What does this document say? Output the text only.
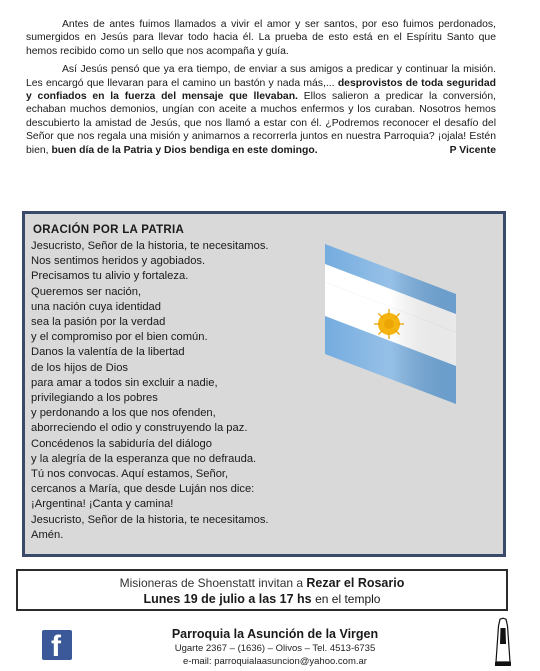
Antes de antes fuimos llamados a vivir el amor y ser santos, por eso fuimos perdonados, sumergidos en Jesús para llevar todo hacia él. La prueba de esto está en el Espíritu Santo que hemos recibido como un sello que nos acompaña y guía.

Así Jesús pensó que ya era tiempo, de enviar a sus amigos a predicar y continuar la misión. Les encargó que llevaran para el camino un bastón y nada más,... desprovistos de toda seguridad y confiados en la fuerza del mensaje que llevaban. Ellos salieron a predicar la conversión, echaban muchos demonios, ungían con aceite a muchos enfermos y los curaban. Nosotros hemos descubierto la amistad de Jesús, que nos llamó a estar con él. ¿Podremos reconocer el desafío del Señor que nos regala una misión y animarnos a recorrerla juntos en nuestra Parroquia? ¡ojala! Estén bien, buen día de la Patria y Dios bendiga en este domingo.	P Vicente

ORACIÓN POR LA PATRIA
Jesucristo, Señor de la historia, te necesitamos.
Nos sentimos heridos y agobiados.
Precisamos tu alivio y fortaleza.
Queremos ser nación,
una nación cuya identidad
sea la pasión por la verdad
y el compromiso por el bien común.
Danos la valentía de la libertad
de los hijos de Dios
para amar a todos sin excluir a nadie,
privilegiando a los pobres
y perdonando a los que nos ofenden,
aborreciendo el odio y construyendo la paz.
Concédenos la sabiduría del diálogo
y la alegría de la esperanza que no defrauda.
Tú nos convocas. Aquí estamos, Señor,
cercanos a María, que desde Luján nos dice:
¡Argentina! ¡Canta y camina!
Jesucristo, Señor de la historia, te necesitamos.
Amén.
Misioneras de Shoenstatt invitan a Rezar el Rosario
Lunes 19 de julio a las 17 hs en el templo
f	Parroquia la Asunción de la Virgen
Ugarte 2367 – (1636) – Olivos – Tel. 4513-6735
e-mail: parroquialaasuncion@yahoo.com.ar
